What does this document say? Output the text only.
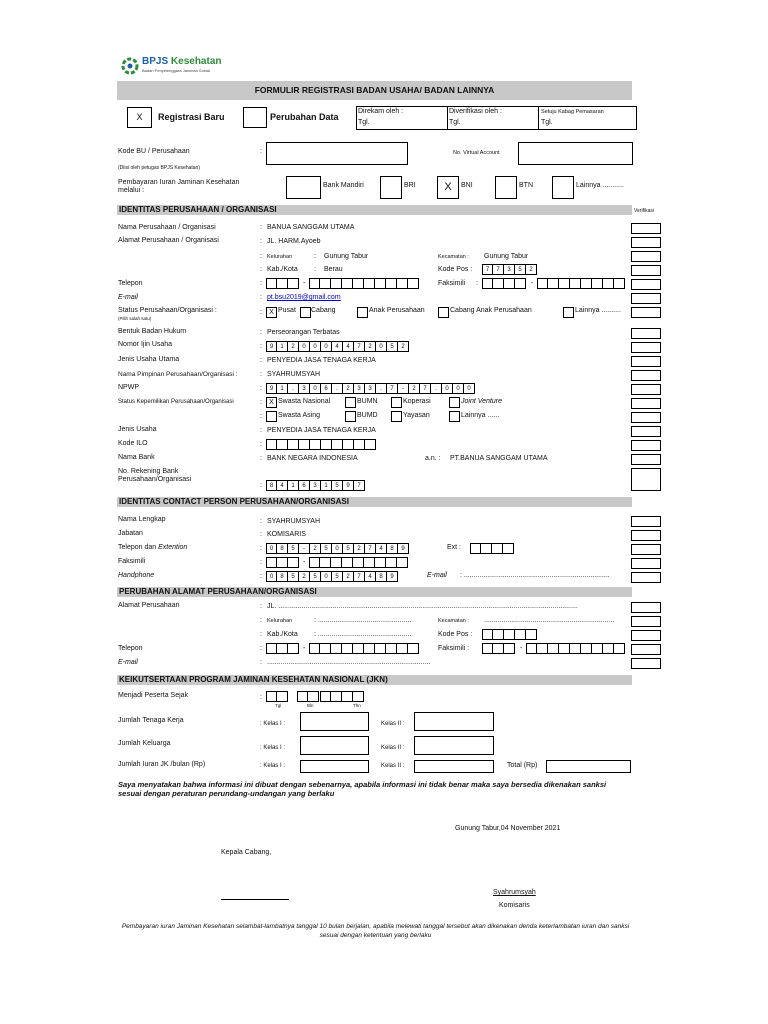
BPJS Kesehatan
Badan Penyelenggara Jaminan Sosial
FORMULIR REGISTRASI BADAN USAHA/ BADAN LAINNYA
X	Registrasi Baru	Perubahan Data
Direkam oleh :
Tgl.
Diverifikasi oleh :
Tgl.
Setuju Kabag Pemasaran
Tgl.
Kode BU / Perusahaan	:
(Diisi oleh petugas BPJS Kesehatan)
No. Virtual Account
Pembayaran Iuran Jaminan Kesehatan
melalui :
Bank Mandiri	BRI	X	BNI	BTN	Lainnya ...........
IDENTITAS PERUSAHAAN / ORGANISASI	Verifikasi
Nama Perusahaan / Organisasi	: BANUA SANGGAM UTAMA
Alamat Perusahaan / Organisasi	: JL. HARM.Ayoeb
: Kelurahan	: Gunung Tabur	Kecamatan : Gunung Tabur
: Kab./Kota : Berau	Kode Pos :	7	7	3	5	2
Telepon	:	-	Faksimili :	-
E-mail	: pt.bsu2019@gmail.com
Status Perusahaan/Organisasi :
(Pilih salah satu)
:	X Pusat Cabang	Anak Perusahaan	Cabang Anak Perusahaan	Lainnya ..........
Bentuk Badan Hukum	: Perseorangan Terbatas
Nomor Ijin Usaha	:	9	1	2	0	0	0	4	4	7	2	0	5	2
Jenis Usaha Utama	: PENYEDIA JASA TENAGA KERJA
Nama Pimpinan Perusahaan/Organisasi :	: SYAHRUMSYAH
NPWP	:	9	1	.	3	0	6	.	2	3	3	.	7	-	2	7	.	0	0	0
Status Kepemilikan Perusahaan/Organisasi	:	X Swasta Nasional	BUMN	Koperasi	Joint Venture
: Swasta Asing	BUMD	Yayasan	Lainnya ......
Jenis Usaha	: PENYEDIA JASA TENAGA KERJA
Kode ILO	:
Nama Bank	: BANK NEGARA INDONESIA	a.n. : PT.BANUA SANGGAM UTAMA
No. Rekening Bank
Perusahaan/Organisasi
:	8	4	1	6	3	1	5	9	7
IDENTITAS CONTACT PERSON PERUSAHAAN/ORGANISASI
Nama Lengkap	: SYAHRUMSYAH
Jabatan	: KOMISARIS
Telepon dan Extention	:	0	8	5	-	2	5	0	5	2	7	4	8	9	Ext :
Faksimili	:	-
Handphone	:	0	8	5	2	5	0	5	2	7	4	8	9	E-mail : ...........................................................................
PERUBAHAN ALAMAT PERUSAHAAN/ORGANISASI
Alamat Perusahaan	: JL. ..........................................................................................................................................................
: Kelurahan	: ................................................	Kecamatan : ...................................................................
: Kab./Kota : ................................................	Kode Pos :
Telepon	:	-	Faksimili :	-
E-mail	: ....................................................................................
KEIKUTSERTAAN PROGRAM JAMINAN KESEHATAN NASIONAL (JKN)
Menjadi Peserta Sejak	:
Tgl	Bln	Thn
Jumlah Tenaga Kerja	: Kelas I :	Kelas II :
Jumlah Keluarga
: Kelas I :	Kelas II :
Jumlah Iuran JK /bulan (Rp)	: Kelas I :	Kelas II :	Total (Rp)
Saya menyatakan bahwa informasi ini dibuat dengan sebenarnya, apabila informasi ini tidak benar maka saya bersedia dikenakan sanksi sesuai dengan peraturan perundang-undangan yang berlaku
Gunung Tabur,04 November 2021
Kepala Cabang,
Syahrumsyah
Komisaris
Pembayaran iuran Jaminan Kesehatan selambat-lambatnya tanggal 10 bulan berjalan, apabila melewati tanggal tersebut akan dikenakan denda keterlambatan iuran dan sanksi sesuai dengan ketentuan yang berlaku
